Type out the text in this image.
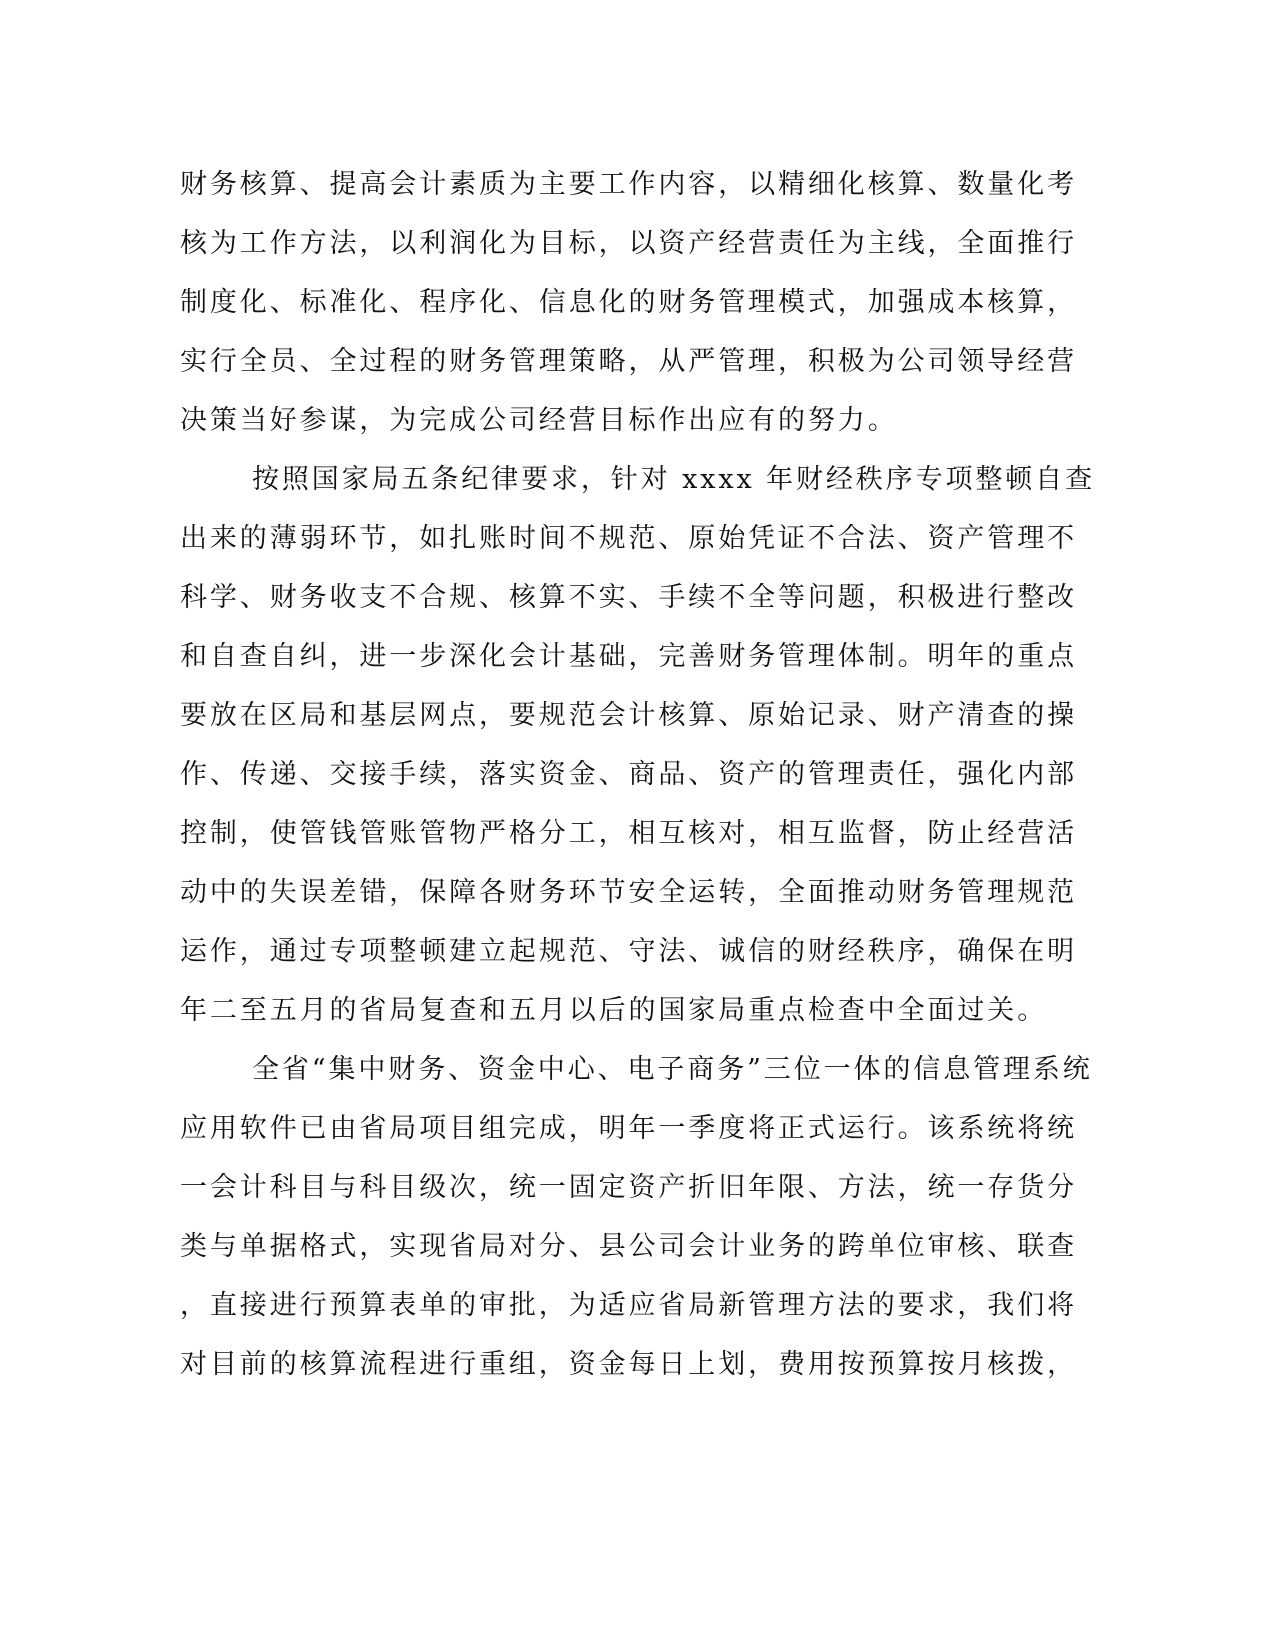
财务核算、提高会计素质为主要工作内容，以精细化核算、数量化考
核为工作方法，以利润化为目标，以资产经营责任为主线，全面推行
制度化、标准化、程序化、信息化的财务管理模式，加强成本核算，
实行全员、全过程的财务管理策略，从严管理，积极为公司领导经营
决策当好参谋，为完成公司经营目标作出应有的努力。
按照国家局五条纪律要求，针对 xxxx 年财经秩序专项整顿自查
出来的薄弱环节，如扎账时间不规范、原始凭证不合法、资产管理不
科学、财务收支不合规、核算不实、手续不全等问题，积极进行整改
和自查自纠，进一步深化会计基础，完善财务管理体制。明年的重点
要放在区局和基层网点，要规范会计核算、原始记录、财产清查的操
作、传递、交接手续，落实资金、商品、资产的管理责任，强化内部
控制，使管钱管账管物严格分工，相互核对，相互监督，防止经营活
动中的失误差错，保障各财务环节安全运转，全面推动财务管理规范
运作，通过专项整顿建立起规范、守法、诚信的财经秩序，确保在明
年二至五月的省局复查和五月以后的国家局重点检查中全面过关。
全省“集中财务、资金中心、电子商务”三位一体的信息管理系统
应用软件已由省局项目组完成，明年一季度将正式运行。该系统将统
一会计科目与科目级次，统一固定资产折旧年限、方法，统一存货分
类与单据格式，实现省局对分、县公司会计业务的跨单位审核、联查
，直接进行预算表单的审批，为适应省局新管理方法的要求，我们将
对目前的核算流程进行重组，资金每日上划，费用按预算按月核拨，
